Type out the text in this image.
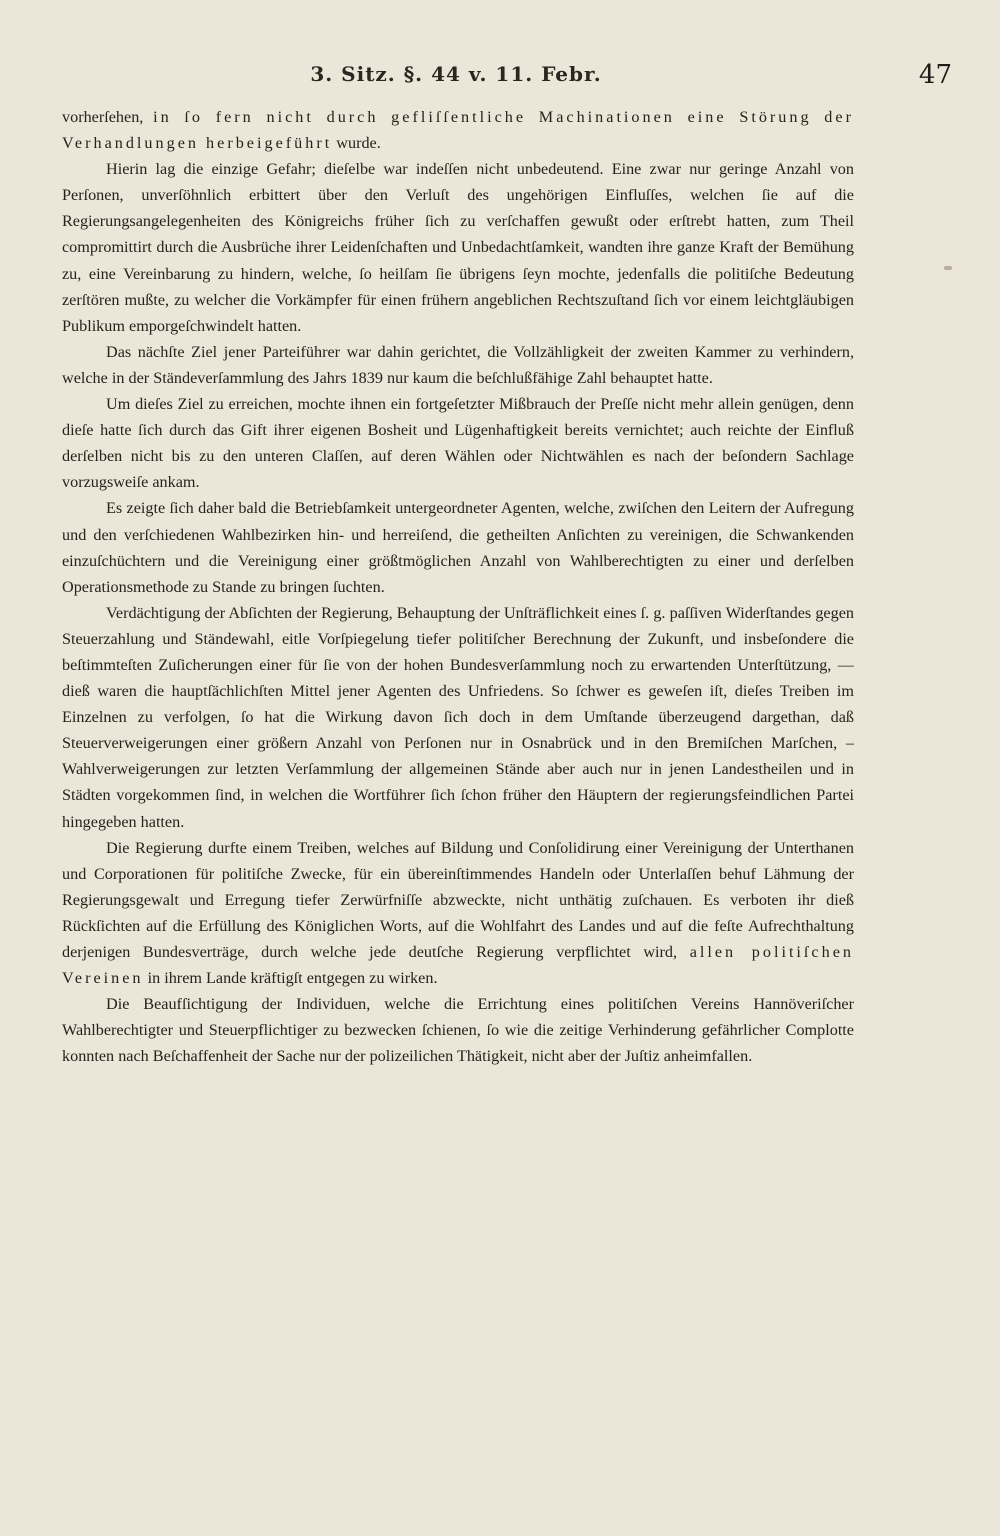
3. Sitz. §. 44 v. 11. Febr.	47

vorherſehen, in ſo fern nicht durch gefliſſentliche Machinationen eine Störung der Verhandlungen herbeigeführt wurde.

Hierin lag die einzige Gefahr; dieſelbe war indeſſen nicht unbedeutend. Eine zwar nur geringe Anzahl von Perſonen, unverſöhnlich erbittert über den Verluſt des ungehörigen Einfluſſes, welchen ſie auf die Regierungsangelegenheiten des Königreichs früher ſich zu verſchaffen gewußt oder erſtrebt hatten, zum Theil compromittirt durch die Ausbrüche ihrer Leidenſchaften und Unbedachtſamkeit, wandten ihre ganze Kraft der Bemühung zu, eine Vereinbarung zu hindern, welche, ſo heilſam ſie übrigens ſeyn mochte, jedenfalls die politiſche Bedeutung zerſtören mußte, zu welcher die Vorkämpfer für einen frühern angeblichen Rechtszuſtand ſich vor einem leichtgläubigen Publikum emporgeſchwindelt hatten.

Das nächſte Ziel jener Parteiführer war dahin gerichtet, die Vollzähligkeit der zweiten Kammer zu verhindern, welche in der Ständeverſammlung des Jahrs 1839 nur kaum die beſchlußfähige Zahl behauptet hatte.

Um dieſes Ziel zu erreichen, mochte ihnen ein fortgeſetzter Mißbrauch der Preſſe nicht mehr allein genügen, denn dieſe hatte ſich durch das Gift ihrer eigenen Bosheit und Lügenhaftigkeit bereits vernichtet; auch reichte der Einfluß derſelben nicht bis zu den unteren Claſſen, auf deren Wählen oder Nichtwählen es nach der beſondern Sachlage vorzugsweiſe ankam.

Es zeigte ſich daher bald die Betriebſamkeit untergeordneter Agenten, welche, zwiſchen den Leitern der Aufregung und den verſchiedenen Wahlbezirken hin- und herreiſend, die getheilten Anſichten zu vereinigen, die Schwankenden einzuſchüchtern und die Vereinigung einer größtmöglichen Anzahl von Wahlberechtigten zu einer und derſelben Operationsmethode zu Stande zu bringen ſuchten.

Verdächtigung der Abſichten der Regierung, Behauptung der Unſträflichkeit eines ſ. g. paſſiven Widerſtandes gegen Steuerzahlung und Ständewahl, eitle Vorſpiegelung tiefer politiſcher Berechnung der Zukunft, und insbeſondere die beſtimmteſten Zuſicherungen einer für ſie von der hohen Bundesverſammlung noch zu erwartenden Unterſtützung, — dieß waren die hauptſächlichſten Mittel jener Agenten des Unfriedens. So ſchwer es geweſen iſt, dieſes Treiben im Einzelnen zu verfolgen, ſo hat die Wirkung davon ſich doch in dem Umſtande überzeugend dargethan, daß Steuerverweigerungen einer größern Anzahl von Perſonen nur in Osnabrück und in den Bremiſchen Marſchen, – Wahlverweigerungen zur letzten Verſammlung der allgemeinen Stände aber auch nur in jenen Landestheilen und in Städten vorgekommen ſind, in welchen die Wortführer ſich ſchon früher den Häuptern der regierungsfeindlichen Partei hingegeben hatten.

Die Regierung durfte einem Treiben, welches auf Bildung und Conſolidirung einer Vereinigung der Unterthanen und Corporationen für politiſche Zwecke, für ein übereinſtimmendes Handeln oder Unterlaſſen behuf Lähmung der Regierungsgewalt und Erregung tiefer Zerwürfniſſe abzweckte, nicht unthätig zuſchauen. Es verboten ihr dieß Rückſichten auf die Erfüllung des Königlichen Worts, auf die Wohlfahrt des Landes und auf die feſte Aufrechthaltung derjenigen Bundesverträge, durch welche jede deutſche Regierung verpflichtet wird, allen politiſchen Vereinen in ihrem Lande kräftigſt entgegen zu wirken.

Die Beaufſichtigung der Individuen, welche die Errichtung eines politiſchen Vereins Hannöveriſcher Wahlberechtigter und Steuerpflichtiger zu bezwecken ſchienen, ſo wie die zeitige Verhinderung gefährlicher Complotte konnten nach Beſchaffenheit der Sache nur der polizeilichen Thätigkeit, nicht aber der Juſtiz anheimfallen.
